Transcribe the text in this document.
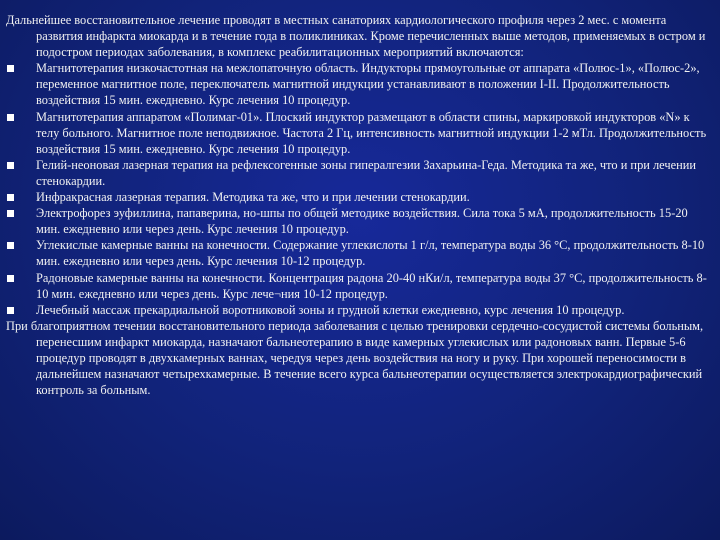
Дальнейшее восстановительное лечение проводят в местных санаториях кардиологического профиля через 2 мес. с момента развития инфаркта миокарда и в течение года в поликлиниках. Кроме перечисленных выше методов, применяемых в остром и подостром периодах заболевания, в комплекс реабилитационных мероприятий включаются:

Магнитотерапия низкочастотная на межлопаточную область. Индукторы прямоугольные от аппарата «Полюс-1», «Полюс-2», переменное магнитное поле, переключатель магнитной индукции устанавливают в положении I-II. Продолжительность воздействия 15 мин. ежедневно. Курс лечения 10 процедур.
Магнитотерапия аппаратом «Полимаг-01». Плоский индуктор размещают в области спины, маркировкой индукторов «N» к телу больного. Магнитное поле неподвижное. Частота 2 Гц, интенсивность магнитной индукции 1-2 мТл. Продолжительность воздействия 15 мин. ежедневно. Курс лечения 10 процедур.
Гелий-неоновая лазерная терапия на рефлексогенные зоны гипералгезии Захарьина-Геда. Методика та же, что и при лечении стенокардии.
Инфракрасная лазерная терапия. Методика та же, что и при лечении стенокардии.
Электрофорез эуфиллина, папаверина, но-шпы по общей методике воздействия. Сила тока 5 мА, продолжительность 15-20 мин. ежедневно или через день. Курс лечения 10 процедур.
Углекислые камерные ванны на конечности. Содержание углекислоты 1 г/л, температура воды 36 °С, продолжительность 8-10 мин. ежедневно или через день. Курс лечения 10-12 процедур.
Радоновые камерные ванны на конечности. Концентрация радона 20-40 нКи/л, температура воды 37 °С, продолжительность 8-10 мин. ежедневно или через день. Курс лече¬ния 10-12 процедур.
Лечебный массаж прекардиальной воротниковой зоны и грудной клетки ежедневно, курс лечения 10 процедур.

При благоприятном течении восстановительного периода заболевания с целью тренировки сердечно-сосудистой системы больным, перенесшим инфаркт миокарда, назначают бальнеотерапию в виде камерных углекислых или радоновых ванн. Первые 5-6 процедур проводят в двухкамерных ваннах, чередуя через день воздействия на ногу и руку. При хорошей переносимости в дальнейшем назначают четырехкамерные. В течение всего курса бальнеотерапии осуществляется электрокардиографический контроль за больным.
